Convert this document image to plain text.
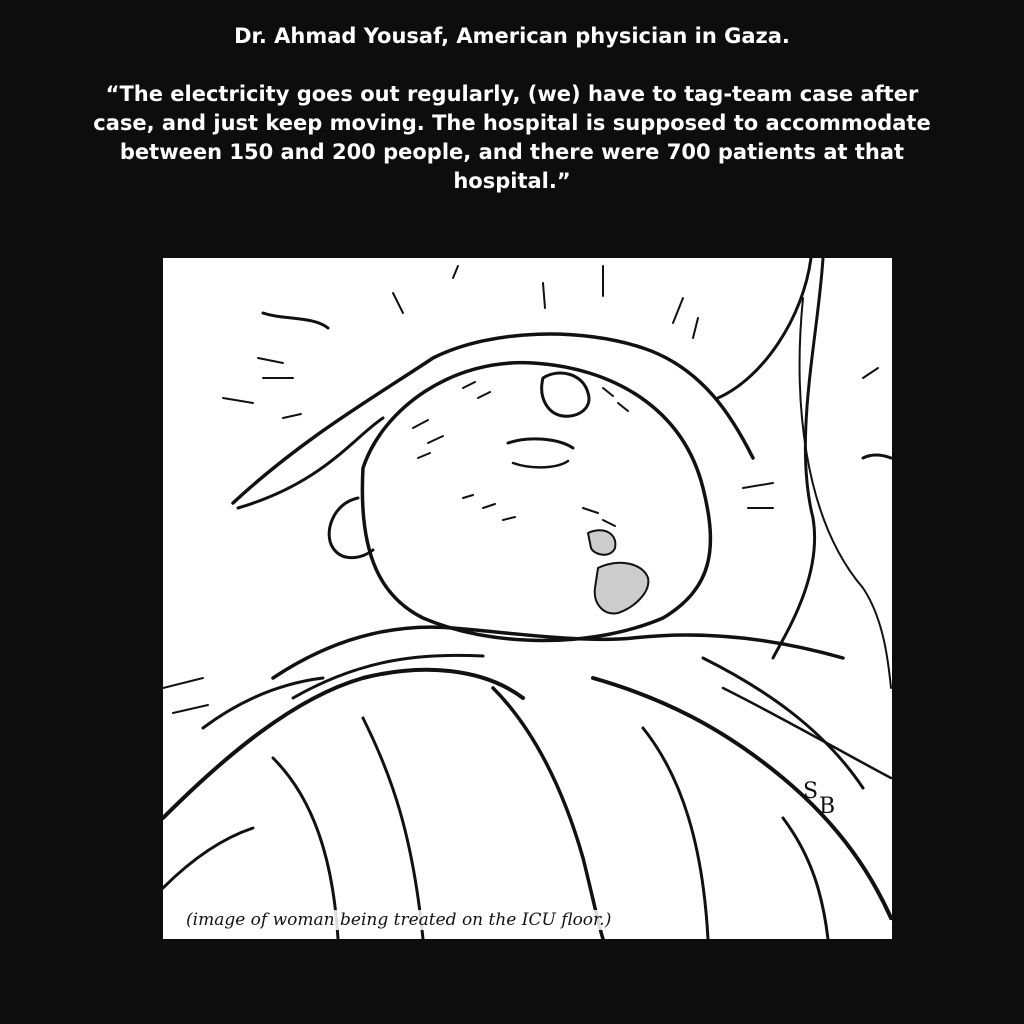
Dr. Ahmad Yousaf, American physician in Gaza.

“The electricity goes out regularly, (we) have to tag-team case after case, and just keep moving. The hospital is supposed to accommodate between 150 and 200 people, and there were 700 patients at that hospital.”

S
B
(image of woman being treated on the ICU floor.)
